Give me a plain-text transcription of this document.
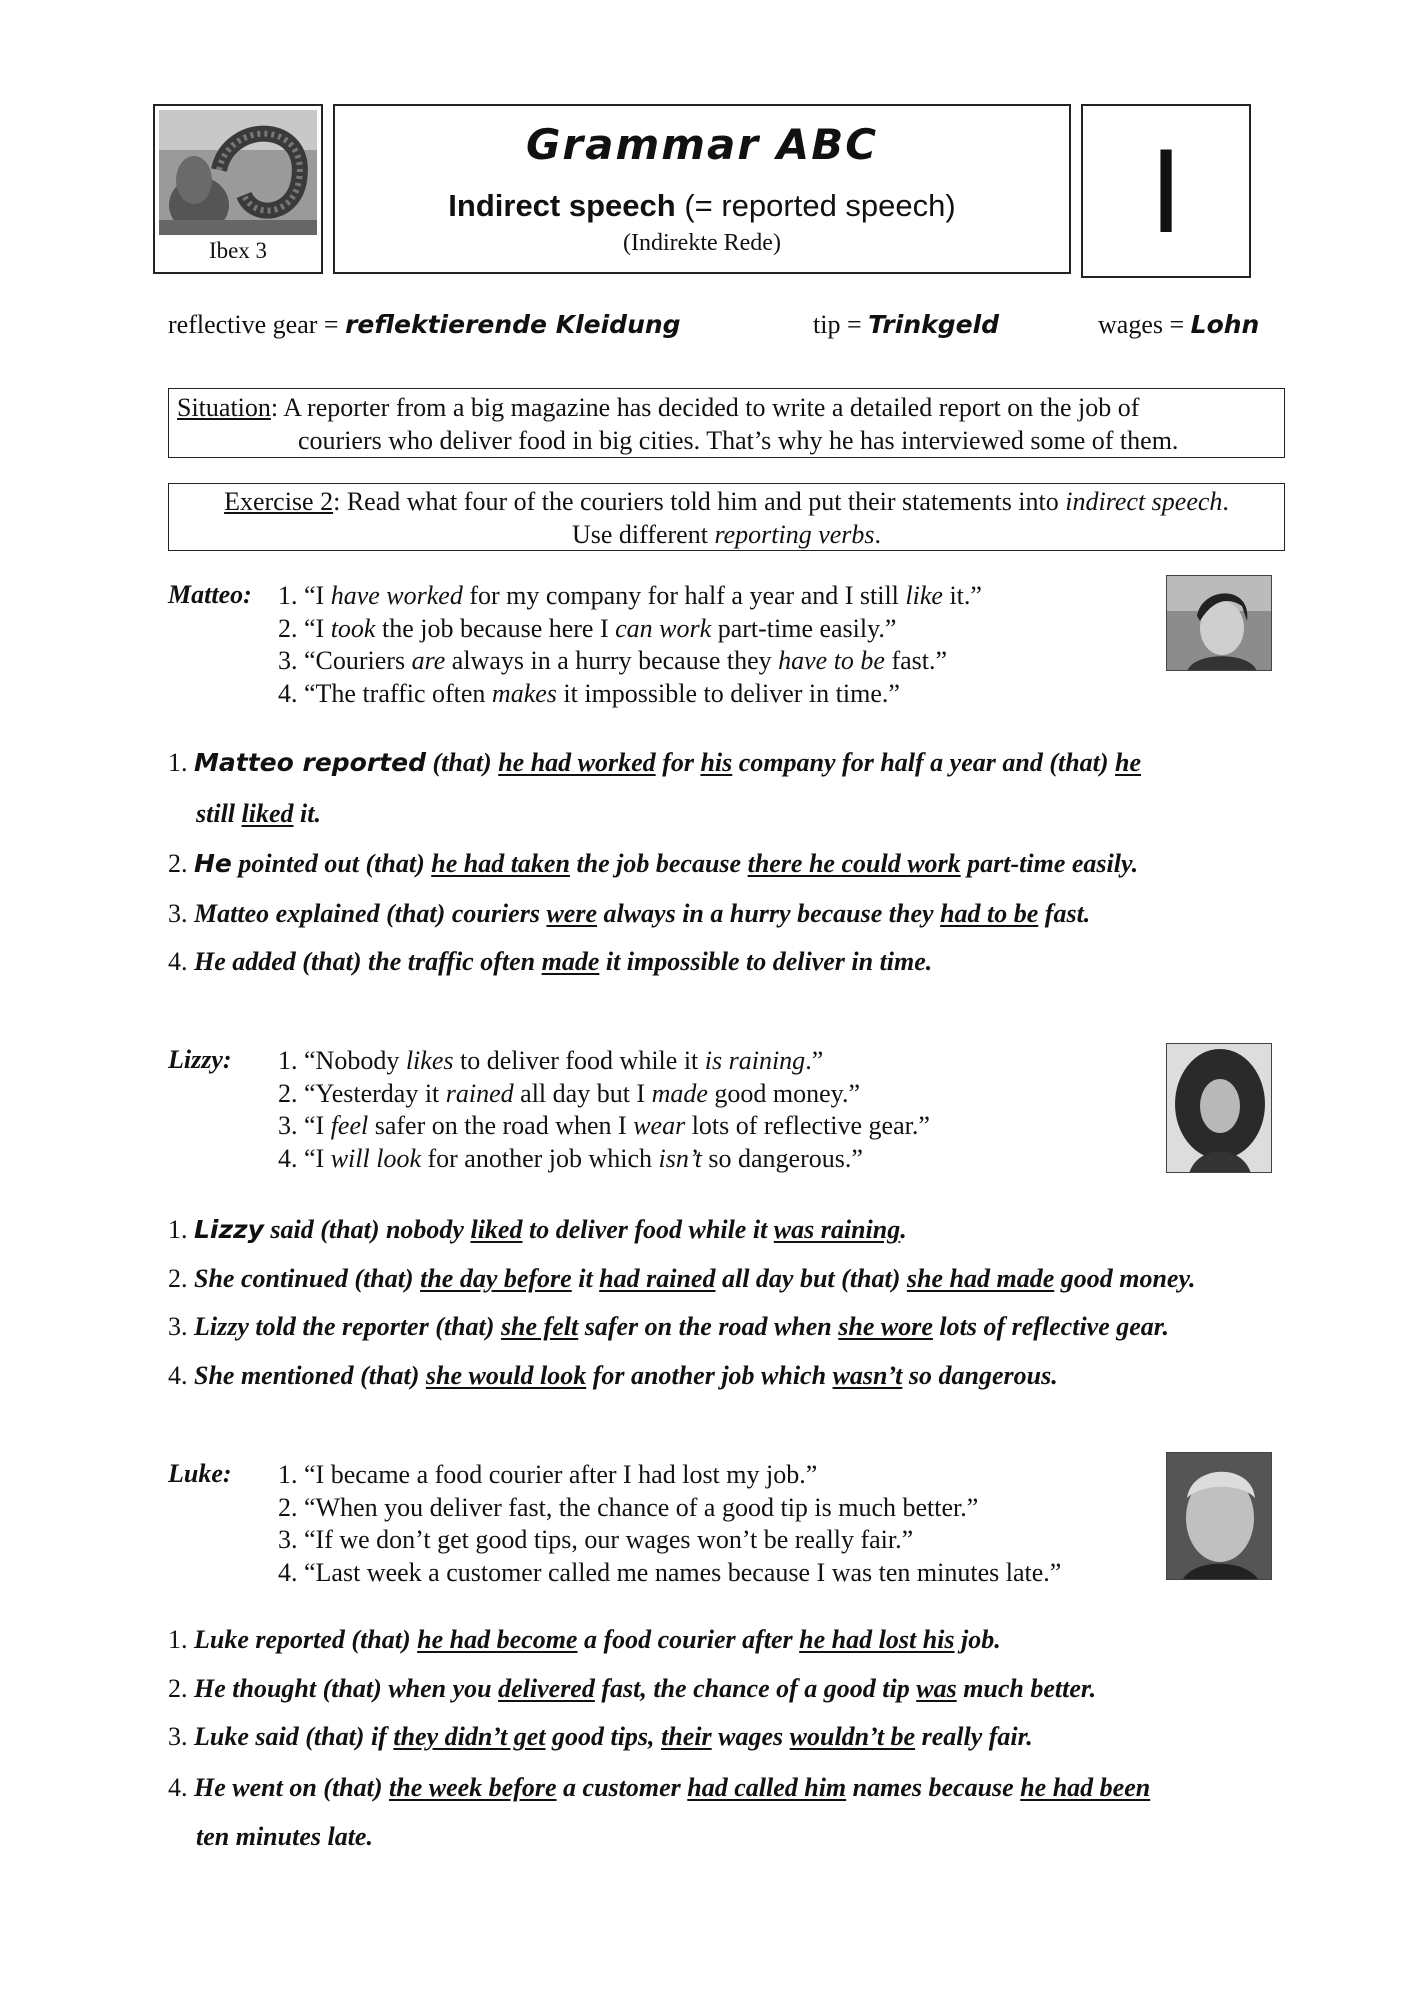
Ibex 3
Grammar ABC
Indirect speech (= reported speech)
(Indirekte Rede)	I
reflective gear = reflektierende Kleidung	tip = Trinkgeld	wages = Lohn
Situation: A reporter from a big magazine has decided to write a detailed report on the job of
couriers who deliver food in big cities. That’s why he has interviewed some of them.
Exercise 2: Read what four of the couriers told him and put their statements into indirect speech.
Use different reporting verbs.
Matteo: 1. “I have worked for my company for half a year and I still like it.”
2. “I took the job because here I can work part-time easily.”
3. “Couriers are always in a hurry because they have to be fast.”
4. “The traffic often makes it impossible to deliver in time.”
1. Matteo reported (that) he had worked for his company for half a year and (that) he
still liked it.
2. He pointed out (that) he had taken the job because there he could work part-time easily.
3. Matteo explained (that) couriers were always in a hurry because they had to be fast.
4. He added (that) the traffic often made it impossible to deliver in time.
Lizzy: 1. “Nobody likes to deliver food while it is raining.”
2. “Yesterday it rained all day but I made good money.”
3. “I feel safer on the road when I wear lots of reflective gear.”
4. “I will look for another job which isn’t so dangerous.”
1. Lizzy said (that) nobody liked to deliver food while it was raining.
2. She continued (that) the day before it had rained all day but (that) she had made good money.
3. Lizzy told the reporter (that) she felt safer on the road when she wore lots of reflective gear.
4. She mentioned (that) she would look for another job which wasn’t so dangerous.
Luke: 1. “I became a food courier after I had lost my job.”
2. “When you deliver fast, the chance of a good tip is much better.”
3. “If we don’t get good tips, our wages won’t be really fair.”
4. “Last week a customer called me names because I was ten minutes late.”
1. Luke reported (that) he had become a food courier after he had lost his job.
2. He thought (that) when you delivered fast, the chance of a good tip was much better.
3. Luke said (that) if they didn’t get good tips, their wages wouldn’t be really fair.
4. He went on (that) the week before a customer had called him names because he had been
ten minutes late.
